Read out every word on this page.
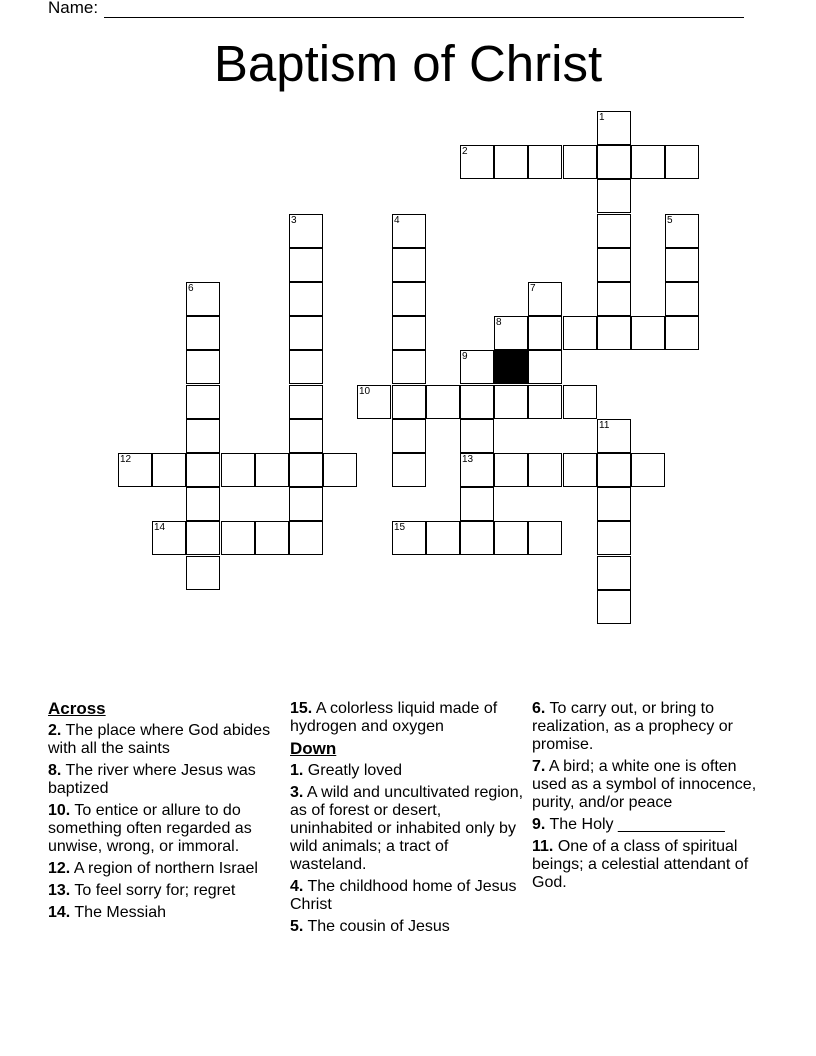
Name:
Baptism of Christ
2
8
10
12	13
14	15
1
3	4	5
6	7
9
11
Across
2. The place where God abides with all the saints
8. The river where Jesus was baptized
10. To entice or allure to do something often regarded as unwise, wrong, or immoral.
12. A region of northern Israel
13. To feel sorry for; regret
14. The Messiah
15. A colorless liquid made of hydrogen and oxygen
Down
1. Greatly loved
3. A wild and uncultivated region, as of forest or desert, uninhabited or inhabited only by wild animals; a tract of wasteland.
4. The childhood home of Jesus Christ
5. The cousin of Jesus
6. To carry out, or bring to realization, as a prophecy or promise.
7. A bird; a white one is often used as a symbol of innocence, purity, and/or peace
9. The Holy ____________
11. One of a class of spiritual beings; a celestial attendant of God.
